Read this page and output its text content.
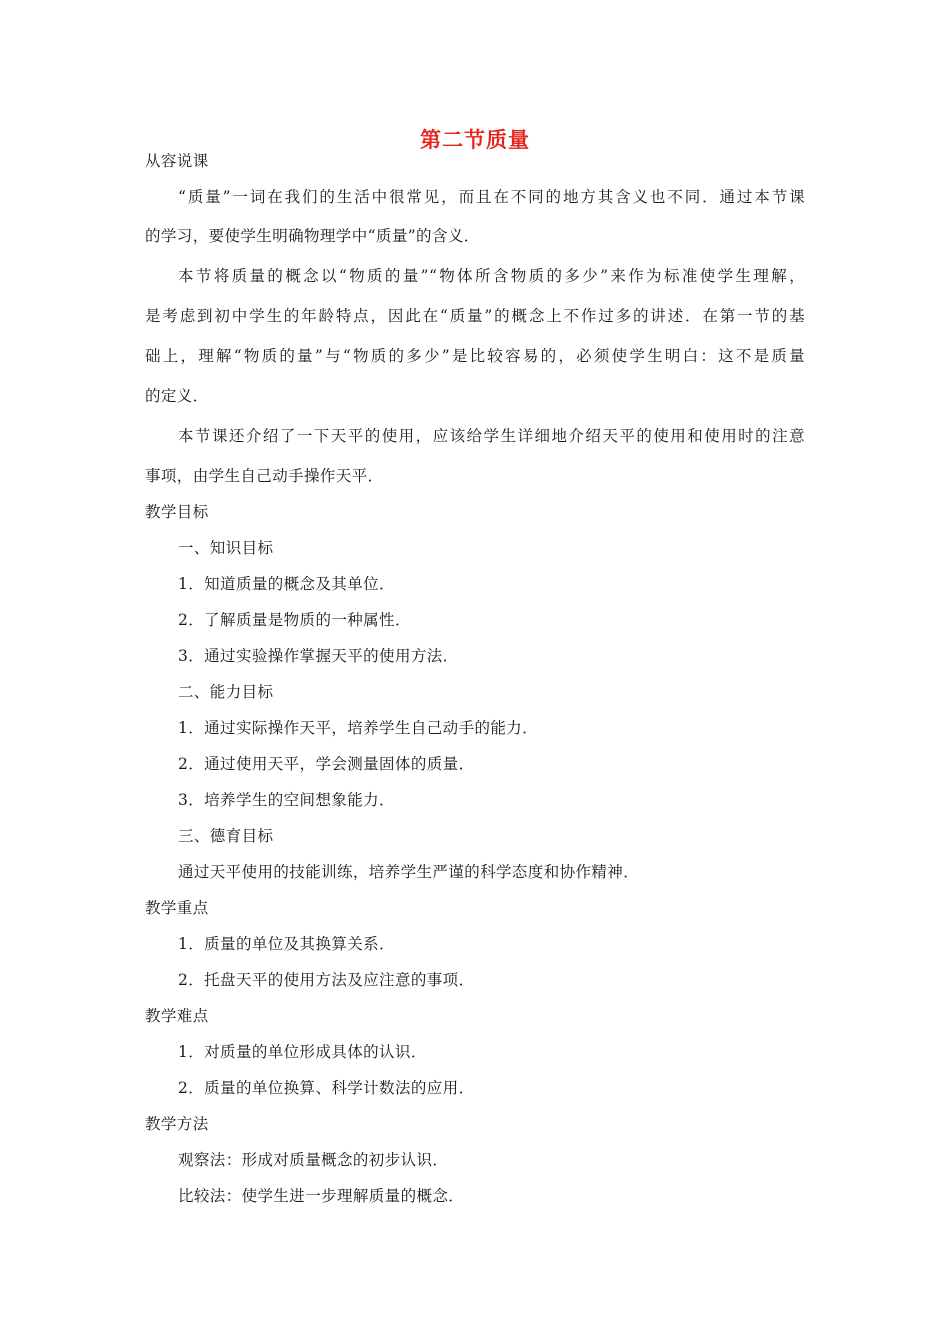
第二节质量
从容说课
“质量”一词在我们的生活中很常见，而且在不同的地方其含义也不同．通过本节课
的学习，要使学生明确物理学中“质量”的含义．
本节将质量的概念以“物质的量”“物体所含物质的多少”来作为标准使学生理解，
是考虑到初中学生的年龄特点，因此在“质量”的概念上不作过多的讲述．在第一节的基
础上，理解“物质的量”与“物质的多少”是比较容易的，必须使学生明白：这不是质量
的定义．
本节课还介绍了一下天平的使用，应该给学生详细地介绍天平的使用和使用时的注意
事项，由学生自己动手操作天平．
教学目标
一、知识目标
1．知道质量的概念及其单位．
2．了解质量是物质的一种属性．
3．通过实验操作掌握天平的使用方法．
二、能力目标
1．通过实际操作天平，培养学生自己动手的能力．
2．通过使用天平，学会测量固体的质量．
3．培养学生的空间想象能力．
三、德育目标
通过天平使用的技能训练，培养学生严谨的科学态度和协作精神．
教学重点
1．质量的单位及其换算关系．
2．托盘天平的使用方法及应注意的事项．
教学难点
1．对质量的单位形成具体的认识．
2．质量的单位换算、科学计数法的应用．
教学方法
观察法：形成对质量概念的初步认识．
比较法：使学生进一步理解质量的概念．
